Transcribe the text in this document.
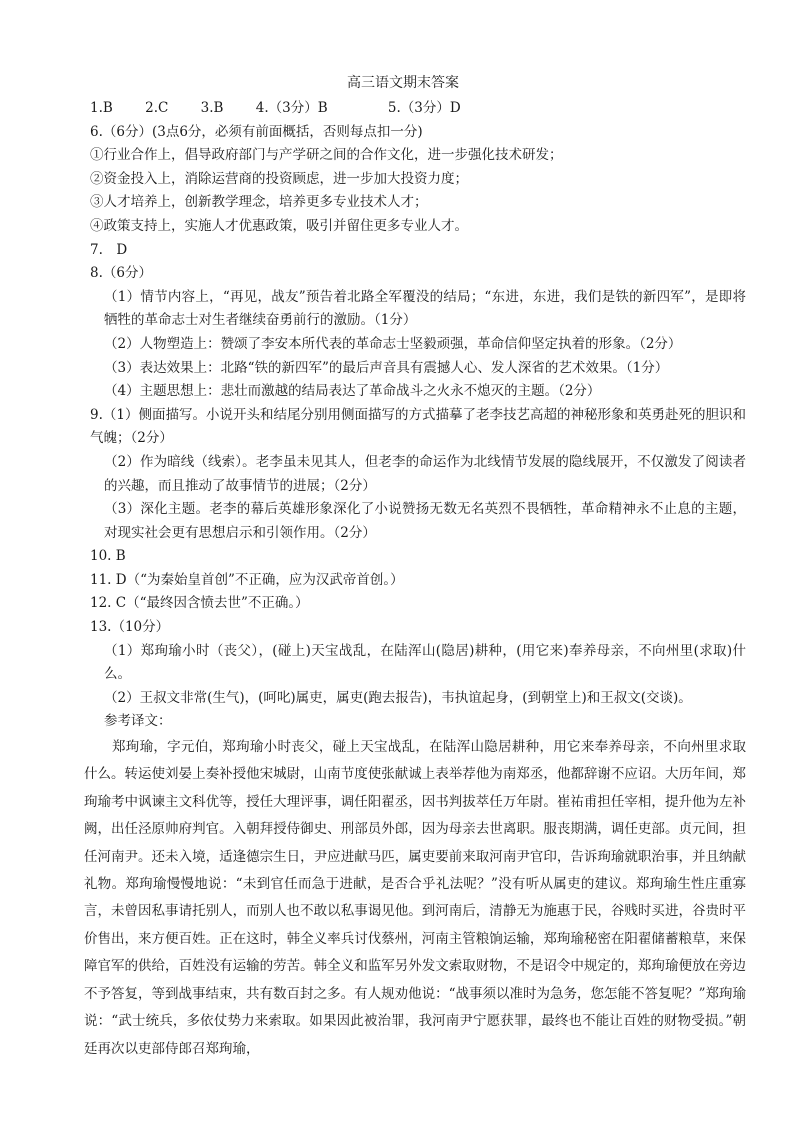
高三语文期末答案
1.B 2.C 3.B 4.（3分）B	5.（3分）D

6.（6分）(3点6分，必须有前面概括，否则每点扣一分)

①行业合作上，倡导政府部门与产学研之间的合作文化，进一步强化技术研发；

②资金投入上，消除运营商的投资顾虑，进一步加大投资力度；

③人才培养上，创新教学理念，培养更多专业技术人才；

④政策支持上，实施人才优惠政策，吸引并留住更多专业人才。

7.　D

8.（6分）

（1）情节内容上，“再见，战友”预告着北路全军覆没的结局；“东进，东进，我们是铁的新四军”，是即将牺牲的革命志士对生者继续奋勇前行的激励。（1分）

（2）人物塑造上：赞颂了李安本所代表的革命志士坚毅顽强，革命信仰坚定执着的形象。（2分）

（3）表达效果上：北路“铁的新四军”的最后声音具有震撼人心、发人深省的艺术效果。（1分）

（4）主题思想上：悲壮而激越的结局表达了革命战斗之火永不熄灭的主题。（2分）

9.（1）侧面描写。小说开头和结尾分别用侧面描写的方式描摹了老李技艺高超的神秘形象和英勇赴死的胆识和气魄；（2分）

（2）作为暗线（线索）。老李虽未见其人，但老李的命运作为北线情节发展的隐线展开，不仅激发了阅读者的兴趣，而且推动了故事情节的进展；（2分）

（3）深化主题。老李的幕后英雄形象深化了小说赞扬无数无名英烈不畏牺牲，革命精神永不止息的主题，对现实社会更有思想启示和引领作用。（2分）

10. B

11. D（“为秦始皇首创”不正确，应为汉武帝首创。）

12. C（“最终因含愤去世”不正确。）

13.（10分）

（1）郑珣瑜小时（丧父），(碰上)天宝战乱，在陆浑山(隐居)耕种，(用它来)奉养母亲，不向州里(求取)什么。

（2）王叔文非常(生气)，(呵叱)属吏，属吏(跑去报告)，韦执谊起身，(到朝堂上)和王叔文(交谈)。

参考译文：

郑珣瑜，字元伯，郑珣瑜小时丧父，碰上天宝战乱，在陆浑山隐居耕种，用它来奉养母亲，不向州里求取什么。转运使刘晏上奏补授他宋城尉，山南节度使张献诚上表举荐他为南郑丞，他都辞谢不应诏。大历年间，郑珣瑜考中讽谏主文科优等，授任大理评事，调任阳翟丞，因书判拔萃任万年尉。崔祐甫担任宰相，提升他为左补阙，出任泾原帅府判官。入朝拜授侍御史、刑部员外郎，因为母亲去世离职。服丧期满，调任吏部。贞元间，担任河南尹。还未入境，适逢德宗生日，尹应进献马匹，属吏要前来取河南尹官印，告诉珣瑜就职治事，并且纳献礼物。郑珣瑜慢慢地说：“未到官任而急于进献，是否合乎礼法呢？”没有听从属吏的建议。郑珣瑜生性庄重寡言，未曾因私事请托别人，而别人也不敢以私事谒见他。到河南后，清静无为施惠于民，谷贱时买进，谷贵时平价售出，来方便百姓。正在这时，韩全义率兵讨伐蔡州，河南主管粮饷运输，郑珣瑜秘密在阳翟储蓄粮草，来保障官军的供给，百姓没有运输的劳苦。韩全义和监军另外发文索取财物，不是诏令中规定的，郑珣瑜便放在旁边不予答复，等到战事结束，共有数百封之多。有人规劝他说：“战事须以准时为急务，您怎能不答复呢？”郑珣瑜说：“武士统兵，多依仗势力来索取。如果因此被治罪，我河南尹宁愿获罪，最终也不能让百姓的财物受损。”朝廷再次以吏部侍郎召郑珣瑜，
